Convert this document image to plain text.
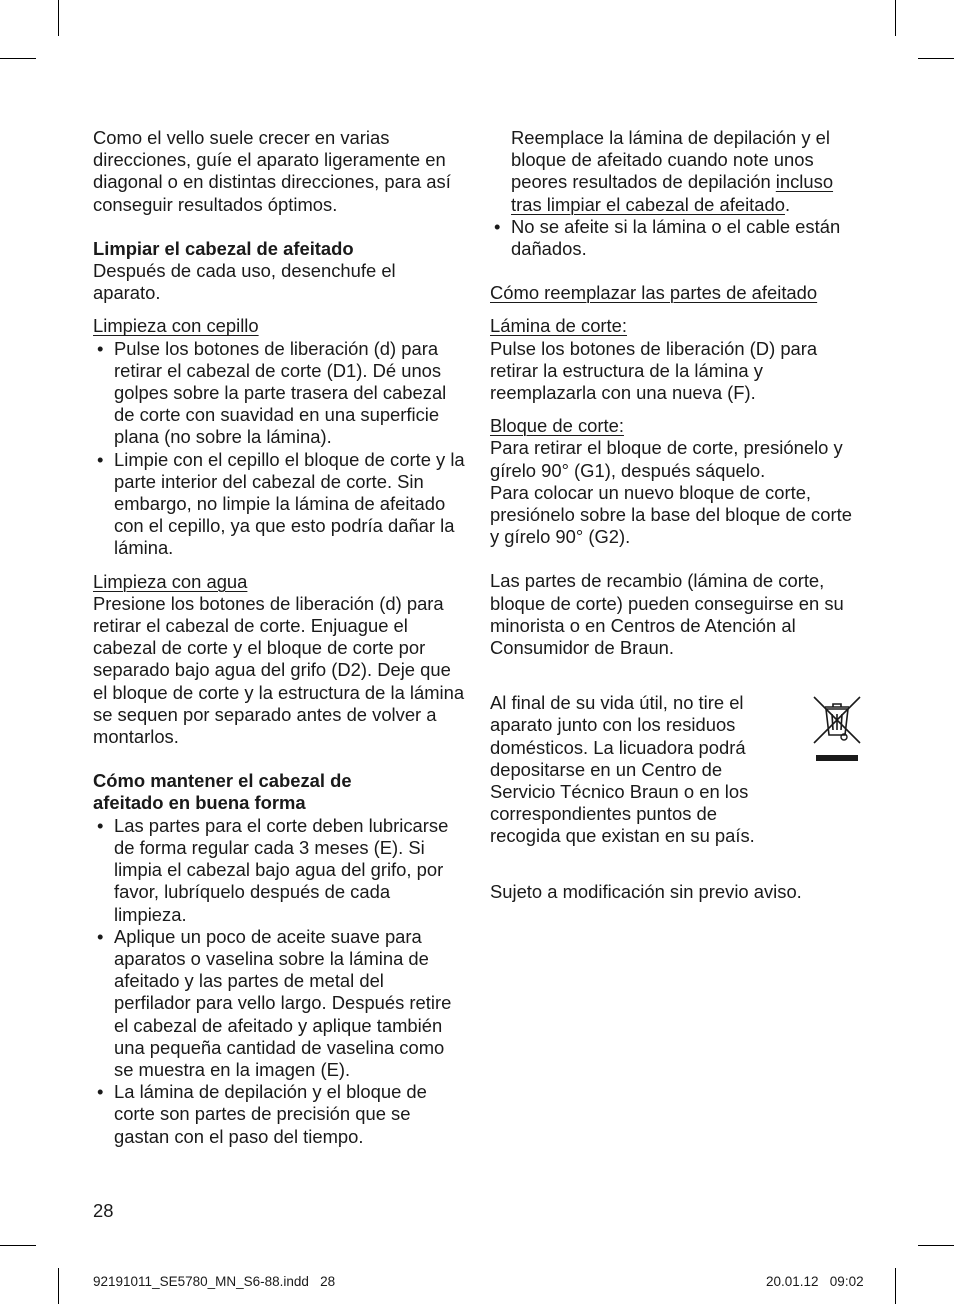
Como el vello suele crecer en varias direcciones, guíe el aparato ligeramente en diagonal o en distintas direcciones, para así conseguir resultados óptimos.

Limpiar el cabezal de afeitado

Después de cada uso, desenchufe el aparato.

Limpieza con cepillo

• Pulse los botones de liberación (d) para retirar el cabezal de corte (D1). Dé unos golpes sobre la parte trasera del cabezal de corte con suavidad en una superficie plana (no sobre la lámina).
• Limpie con el cepillo el bloque de corte y la parte interior del cabezal de corte. Sin embargo, no limpie la lámina de afeitado con el cepillo, ya que esto podría dañar la lámina.

Limpieza con agua

Presione los botones de liberación (d) para retirar el cabezal de corte. Enjuague el cabezal de corte y el bloque de corte por separado bajo agua del grifo (D2). Deje que el bloque de corte y la estructura de la lámina se sequen por separado antes de volver a montarlos.

Cómo mantener el cabezal de afeitado en buena forma

• Las partes para el corte deben lubricarse de forma regular cada 3 meses (E). Si limpia el cabezal bajo agua del grifo, por favor, lubríquelo después de cada limpieza.
• Aplique un poco de aceite suave para aparatos o vaselina sobre la lámina de afeitado y las partes de metal del perfilador para vello largo. Después retire el cabezal de afeitado y aplique también una pequeña cantidad de vaselina como se muestra en la imagen (E).
• La lámina de depilación y el bloque de corte son partes de precisión que se gastan con el paso del tiempo.

Reemplace la lámina de depilación y el bloque de afeitado cuando note unos peores resultados de depilación incluso tras limpiar el cabezal de afeitado.

• No se afeite si la lámina o el cable están dañados.

Cómo reemplazar las partes de afeitado

Lámina de corte:

Pulse los botones de liberación (D) para retirar la estructura de la lámina y reemplazarla con una nueva (F).

Bloque de corte:

Para retirar el bloque de corte, presiónelo y gírelo 90° (G1), después sáquelo.

Para colocar un nuevo bloque de corte, presiónelo sobre la base del bloque de corte y gírelo 90° (G2).

Las partes de recambio (lámina de corte, bloque de corte) pueden conseguirse en su minorista o en Centros de Atención al Consumidor de Braun.

Al final de su vida útil, no tire el aparato junto con los residuos domésticos. La licuadora podrá depositarse en un Centro de Servicio Técnico Braun o en los correspondientes puntos de recogida que existan en su país.

Sujeto a modificación sin previo aviso.

28
92191011_SE5780_MN_S6-88.indd   28	20.01.12   09:02
